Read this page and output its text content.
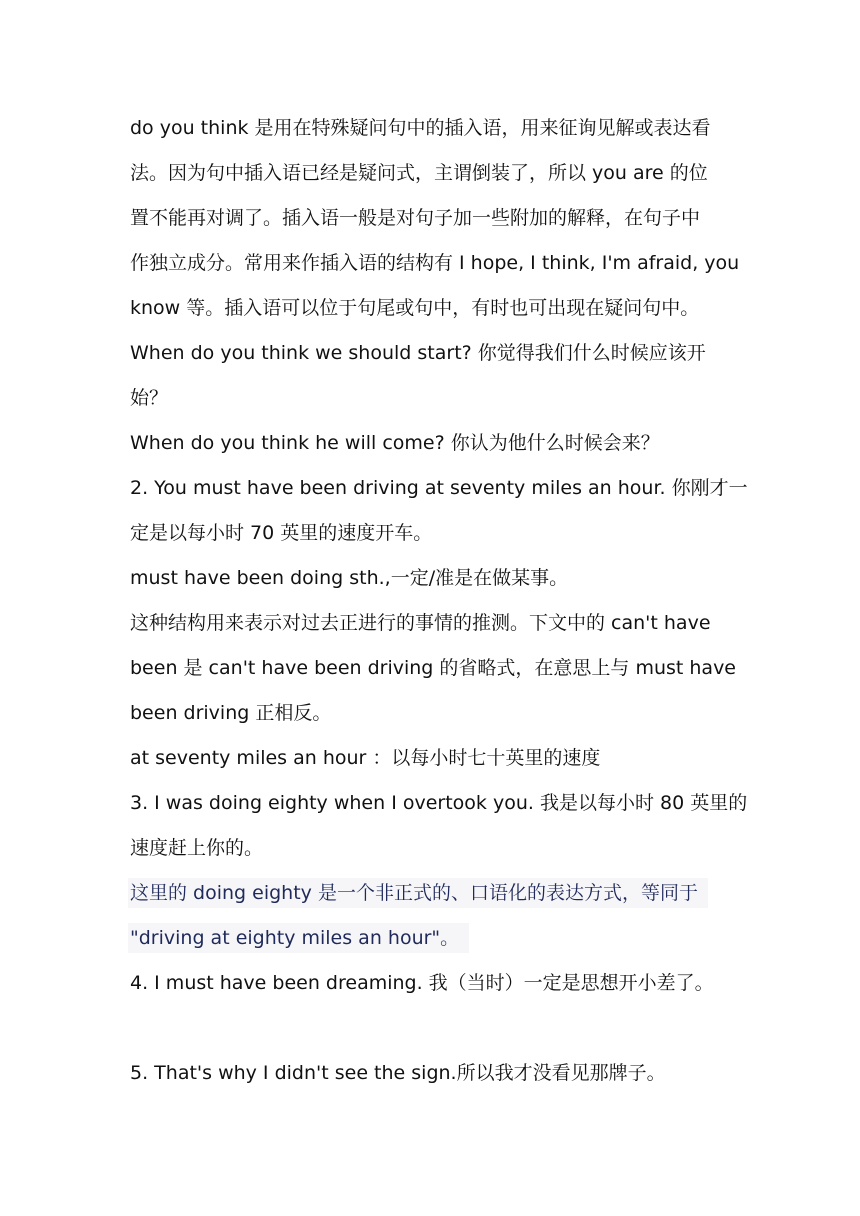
do you think 是用在特殊疑问句中的插入语，用来征询见解或表达看
法。因为句中插入语已经是疑问式，主谓倒装了，所以 you are 的位
置不能再对调了。插入语一般是对句子加一些附加的解释，在句子中
作独立成分。常用来作插入语的结构有 I hope, I think, I'm afraid, you
know 等。插入语可以位于句尾或句中，有时也可出现在疑问句中。
When do you think we should start? 你觉得我们什么时候应该开
始？
When do you think he will come? 你认为他什么时候会来？
2. You must have been driving at seventy miles an hour. 你刚才一
定是以每小时 70 英里的速度开车。
must have been doing sth.,一定/准是在做某事。
这种结构用来表示对过去正进行的事情的推测。下文中的 can't have
been 是 can't have been driving 的省略式，在意思上与 must have
been driving 正相反。
at seventy miles an hour ：以每小时七十英里的速度
3. I was doing eighty when I overtook you. 我是以每小时 80 英里的
速度赶上你的。
这里的 doing eighty 是一个非正式的、口语化的表达方式，等同于
"driving at eighty miles an hour"。
4. I must have been dreaming. 我（当时）一定是思想开小差了。
5. That's why I didn't see the sign.所以我才没看见那牌子。
